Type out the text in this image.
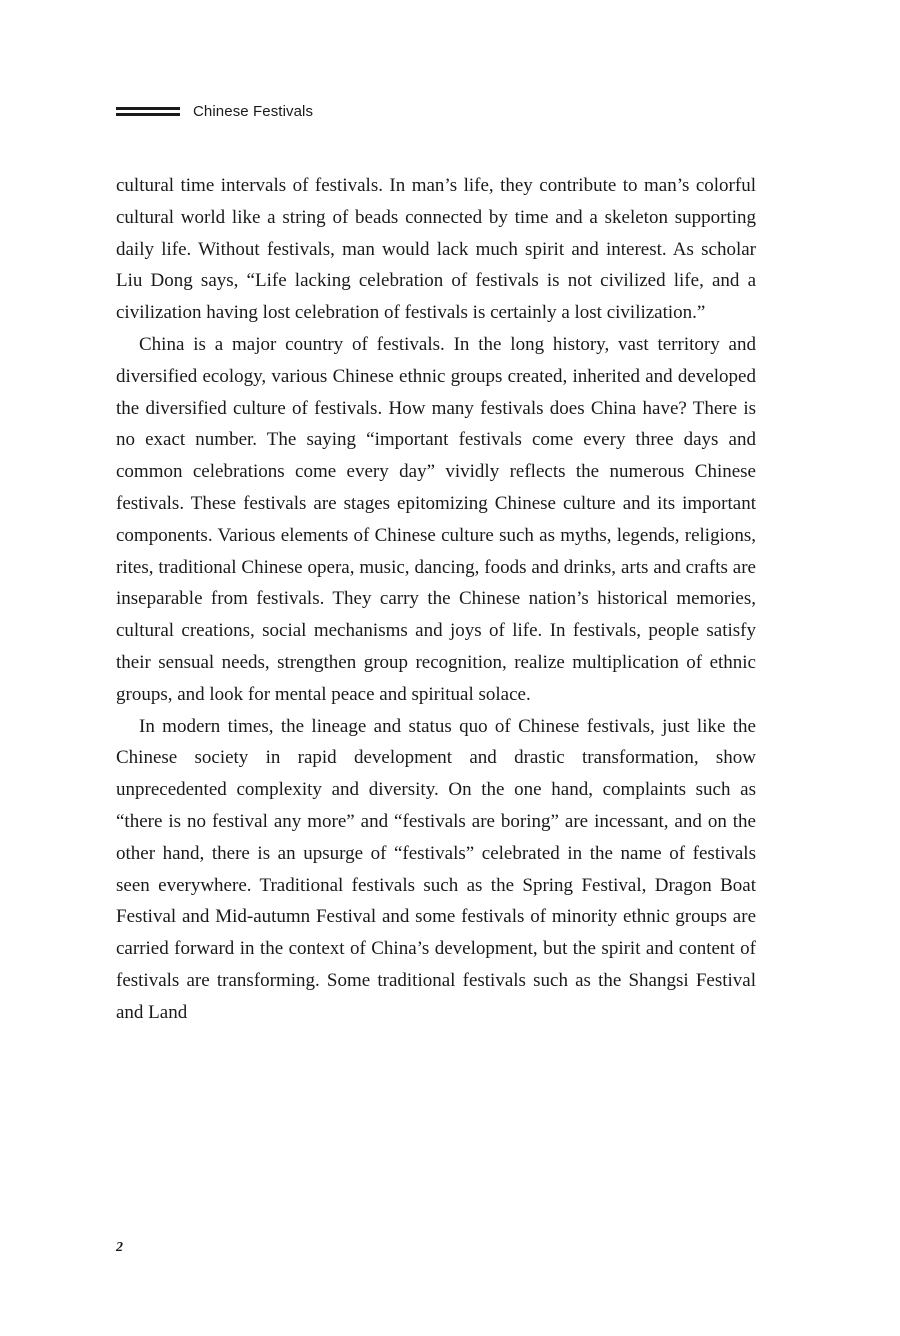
Chinese Festivals

cultural time intervals of festivals. In man’s life, they contribute to man’s colorful cultural world like a string of beads connected by time and a skeleton supporting daily life. Without festivals, man would lack much spirit and interest. As scholar Liu Dong says, “Life lacking celebration of festivals is not civilized life, and a civilization having lost celebration of festivals is certainly a lost civilization.”

China is a major country of festivals. In the long history, vast territory and diversified ecology, various Chinese ethnic groups created, inherited and developed the diversified culture of festivals. How many festivals does China have? There is no exact number. The saying “important festivals come every three days and common celebrations come every day” vividly reflects the numerous Chinese festivals. These festivals are stages epitomizing Chinese culture and its important components. Various elements of Chinese culture such as myths, legends, religions, rites, traditional Chinese opera, music, dancing, foods and drinks, arts and crafts are inseparable from festivals. They carry the Chinese nation’s historical memories, cultural creations, social mechanisms and joys of life. In festivals, people satisfy their sensual needs, strengthen group recognition, realize multiplication of ethnic groups, and look for mental peace and spiritual solace.

In modern times, the lineage and status quo of Chinese festivals, just like the Chinese society in rapid development and drastic transformation, show unprecedented complexity and diversity. On the one hand, complaints such as “there is no festival any more” and “festivals are boring” are incessant, and on the other hand, there is an upsurge of “festivals” celebrated in the name of festivals seen everywhere. Traditional festivals such as the Spring Festival, Dragon Boat Festival and Mid-autumn Festival and some festivals of minority ethnic groups are carried forward in the context of China’s development, but the spirit and content of festivals are transforming. Some traditional festivals such as the Shangsi Festival and Land

2
